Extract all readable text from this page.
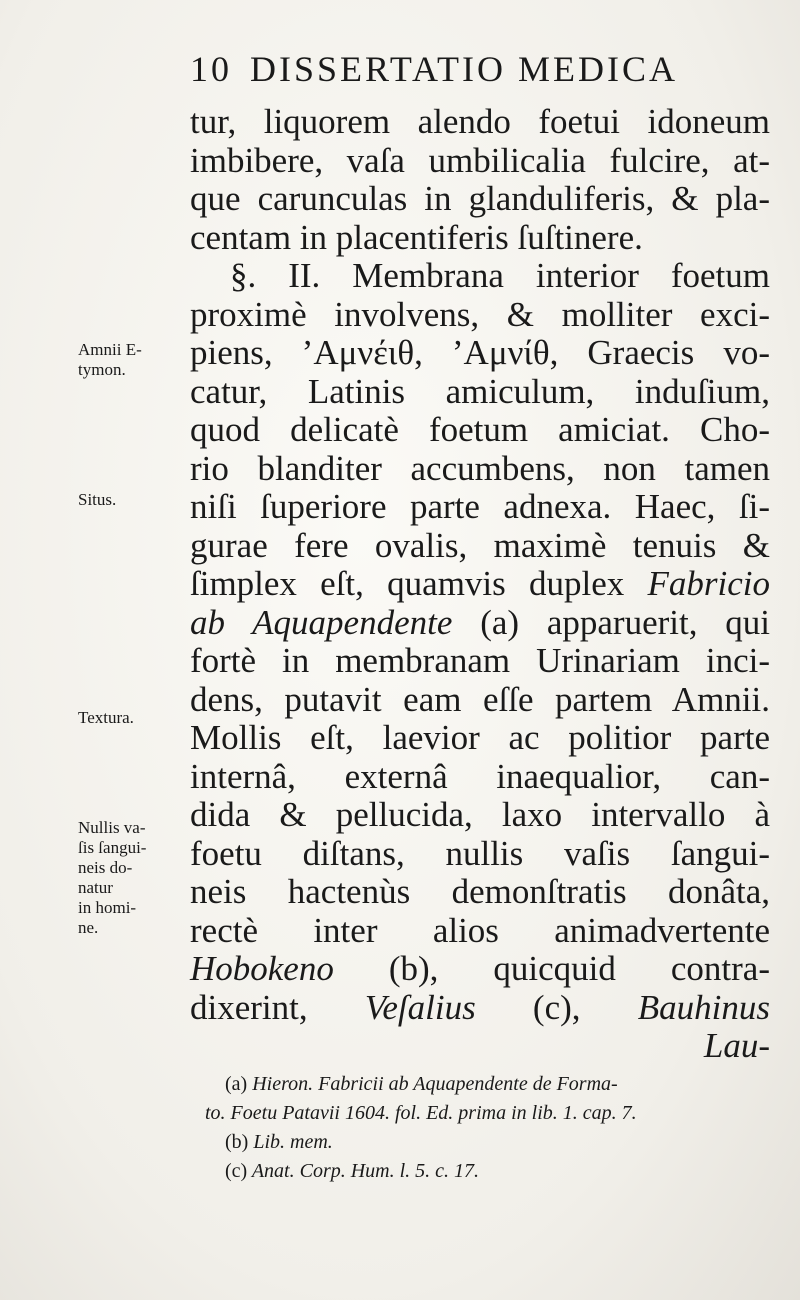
10 DISSERTATIO MEDICA
tur, liquorem alendo foetui idoneum
imbibere, vaſa umbilicalia fulcire, at-
que carunculas in glanduliferis, & pla-
centam in placentiferis ſuſtinere.
§. II. Membrana interior foetum
proximè involvens, & molliter exci-
piens, ’Aμνέιθ, ’Aμνίθ, Graecis vo-
catur, Latinis amiculum, induſium,
quod delicatè foetum amiciat. Cho-
rio blanditer accumbens, non tamen
niſi ſuperiore parte adnexa. Haec, ſi-
gurae fere ovalis, maximè tenuis &
ſimplex eſt, quamvis duplex Fabricio
ab Aquapendente (a) apparuerit, qui
fortè in membranam Urinariam inci-
dens, putavit eam eſſe partem Amnii.
Mollis eſt, laevior ac politior parte
internâ, externâ inaequalior, can-
dida & pellucida, laxo intervallo à
foetu diſtans, nullis vaſis ſangui-
neis hactenùs demonſtratis donâta,
rectè inter alios animadvertente
Hobokeno (b), quicquid contra-
dixerint, Veſalius (c), Bauhinus
Lau-
Amnii E-
tymon.
Situs.
Textura.
Nullis va-
ſis ſangui-
neis do-
natur
in homi-
ne.
(a) Hieron. Fabricii ab Aquapendente de Forma-
to. Foetu Patavii 1604. fol. Ed. prima in lib. 1. cap. 7.
(b) Lib. mem.
(c) Anat. Corp. Hum. l. 5. c. 17.
